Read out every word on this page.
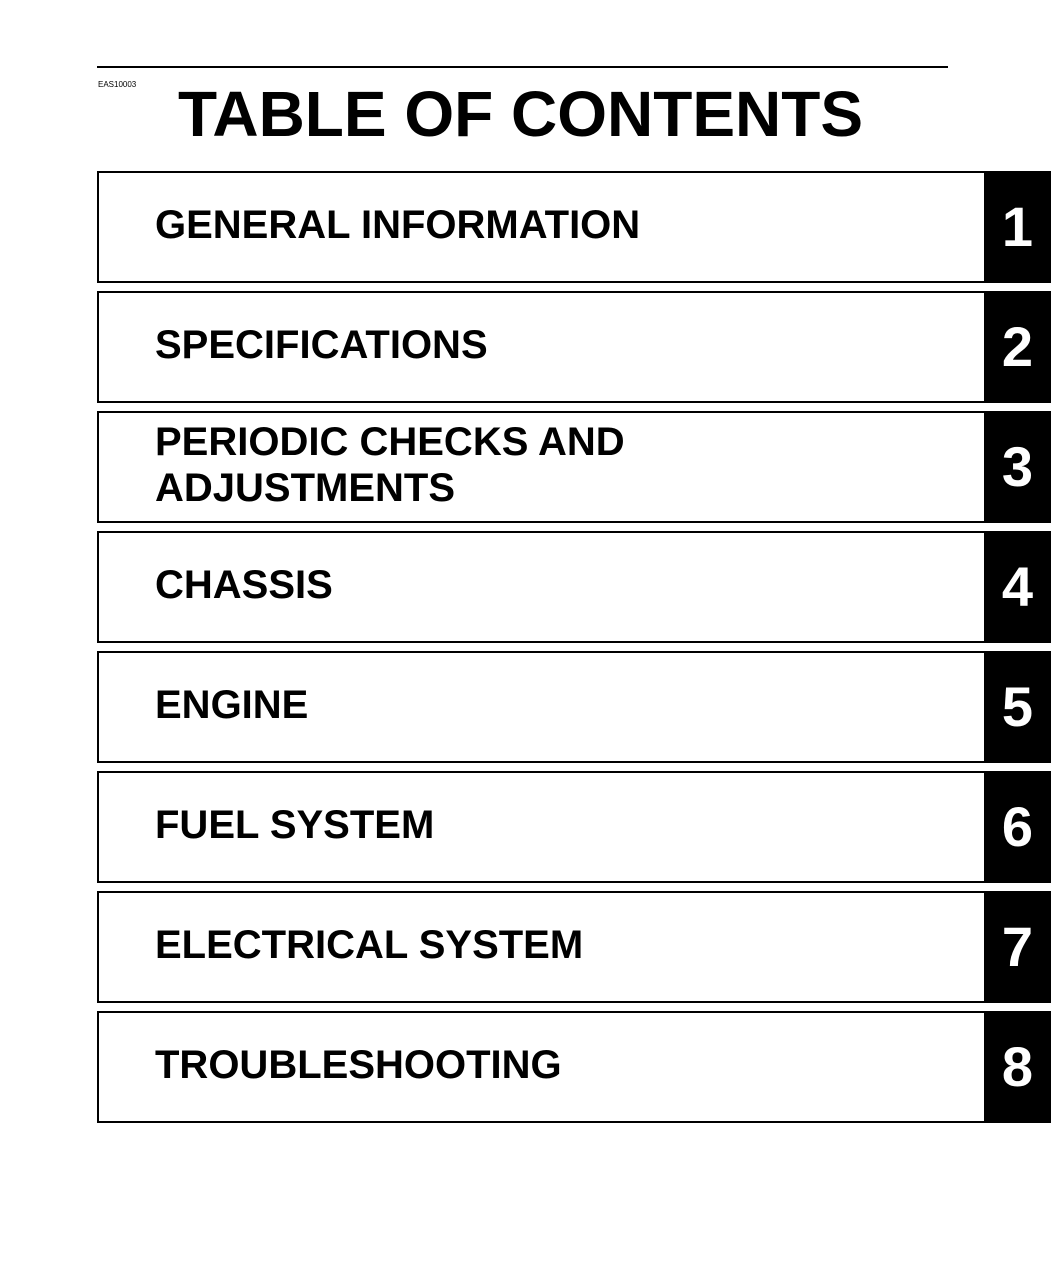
EAS10003 TABLE OF CONTENTS
GENERAL INFORMATION	1
SPECIFICATIONS	2
PERIODIC CHECKS AND
ADJUSTMENTS	3
CHASSIS	4
ENGINE	5
FUEL SYSTEM	6
ELECTRICAL SYSTEM	7
TROUBLESHOOTING	8
